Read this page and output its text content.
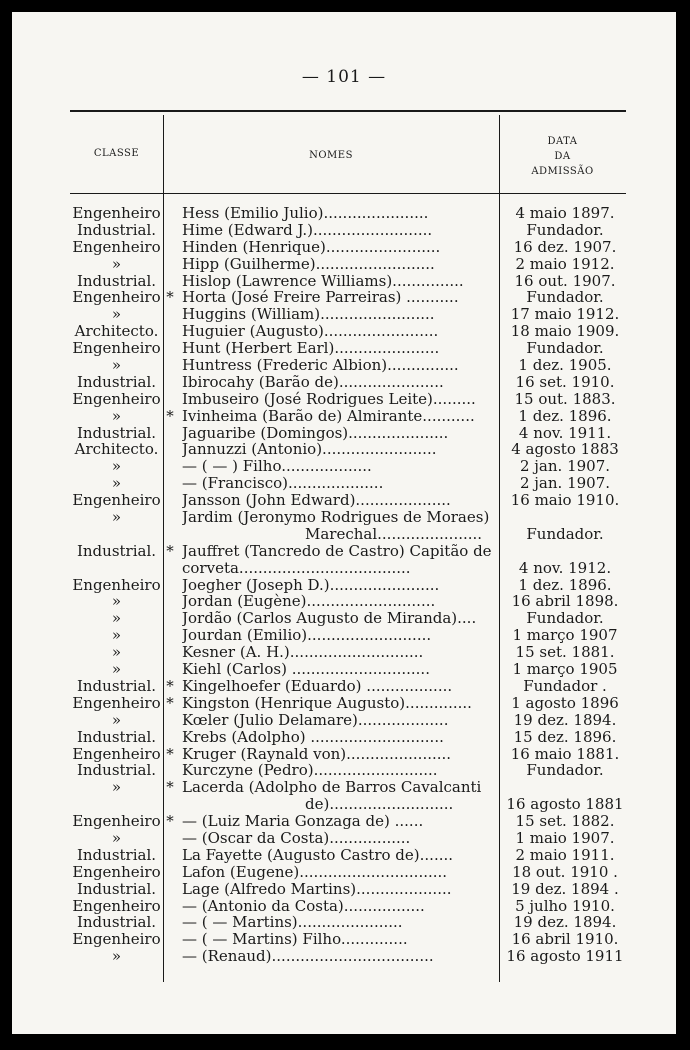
— 101 —
CLASSE	NOMES
DATA
DA
ADMISSÃO
Engenheiro Hess (Emilio Julio)......................	4 maio 1897.
Industrial.	Hime (Edward J.).........................	Fundador.
Engenheiro Hinden (Henrique)........................	16 dez. 1907.
»	Hipp (Guilherme).........................	2 maio 1912.
Industrial.	Hislop (Lawrence Williams)...............	16 out. 1907.
Engenheiro * Horta (José Freire Parreiras) ...........	Fundador.
»	Huggins (William)........................	17 maio 1912.
Architecto.	Huguier (Augusto)........................	18 maio 1909.
Engenheiro Hunt (Herbert Earl)......................	Fundador.
»	Huntress (Frederic Albion)...............	1 dez. 1905.
Industrial.	Ibirocahy (Barão de)......................	16 set. 1910.
Engenheiro Imbuseiro (José Rodrigues Leite).........	15 out. 1883.
»	* Ivinheima (Barão de) Almirante...........	1 dez. 1896.
Industrial.	Jaguaribe (Domingos).....................	4 nov. 1911.
Architecto.	Jannuzzi (Antonio)........................	4 agosto 1883
»	— ( — ) Filho...................	2 jan. 1907.
»	— (Francisco)....................	2 jan. 1907.
Engenheiro Jansson (John Edward)....................	16 maio 1910.
»	Jardim (Jeronymo Rodrigues de Moraes)
Marechal......................	Fundador.
Industrial. * Jauffret (Tancredo de Castro) Capitão de
corveta....................................	4 nov. 1912.
Engenheiro Joegher (Joseph D.).......................	1 dez. 1896.
»	Jordan (Eugène)...........................	16 abril 1898.
»	Jordão (Carlos Augusto de Miranda)....	Fundador.
»	Jourdan (Emilio)..........................	1 março 1907
»	Kesner (A. H.)............................	15 set. 1881.
»	Kiehl (Carlos) .............................	1 março 1905
Industrial. * Kingelhoefer (Eduardo) ..................	Fundador .
Engenheiro * Kingston (Henrique Augusto)..............	1 agosto 1896
»	Kœler (Julio Delamare)...................	19 dez. 1894.
Industrial.	Krebs (Adolpho) ............................	15 dez. 1896.
Engenheiro * Kruger (Raynald von)......................	16 maio 1881.
Industrial.	Kurczyne (Pedro)..........................	Fundador.
»	* Lacerda (Adolpho de Barros Cavalcanti
de)..........................	16 agosto 1881
Engenheiro * — (Luiz Maria Gonzaga de) ......	15 set. 1882.
»	— (Oscar da Costa).................	1 maio 1907.
Industrial.	La Fayette (Augusto Castro de).......	2 maio 1911.
Engenheiro Lafon (Eugene)...............................	18 out. 1910 .
Industrial.	Lage (Alfredo Martins)....................	19 dez. 1894 .
Engenheiro — (Antonio da Costa).................	5 julho 1910.
Industrial.	— ( — Martins)......................	19 dez. 1894.
Engenheiro — ( — Martins) Filho..............	16 abril 1910.
»	— (Renaud)..................................	16 agosto 1911
